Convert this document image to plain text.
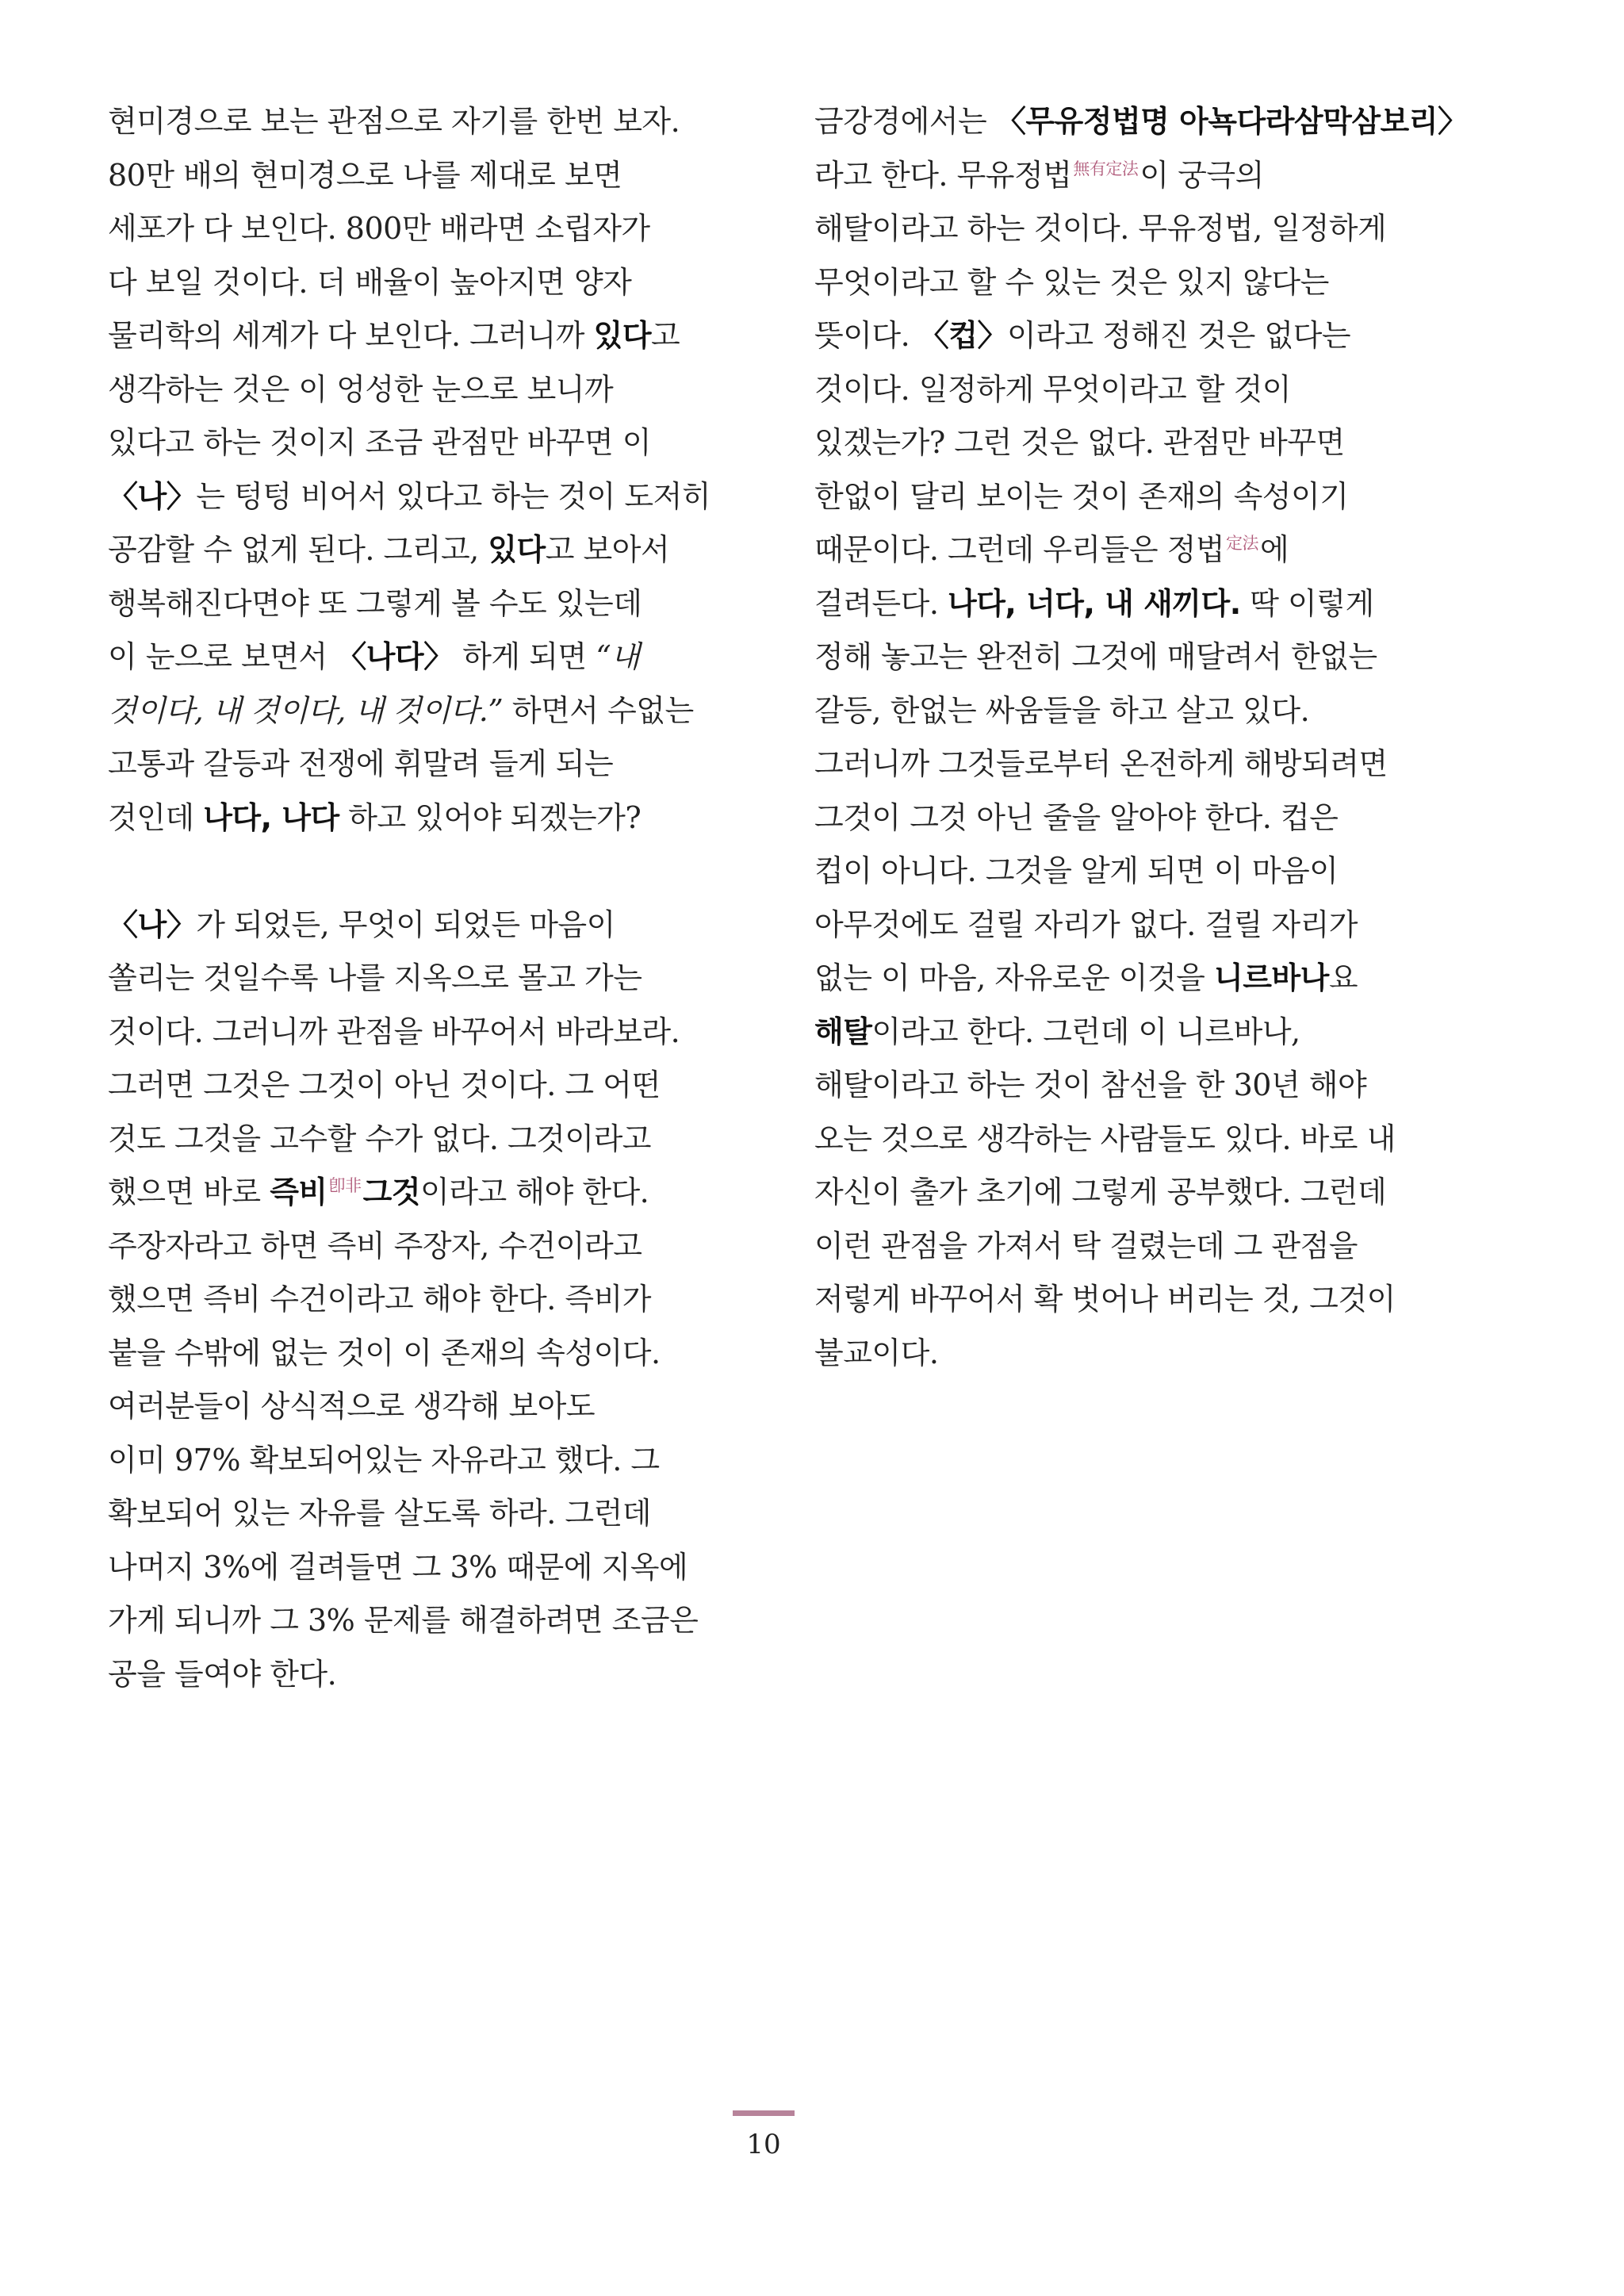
현미경으로 보는 관점으로 자기를 한번 보자.
80만 배의 현미경으로 나를 제대로 보면
세포가 다 보인다. 800만 배라면 소립자가
다 보일 것이다. 더 배율이 높아지면 양자
물리학의 세계가 다 보인다. 그러니까 있다고
생각하는 것은 이 엉성한 눈으로 보니까
있다고 하는 것이지 조금 관점만 바꾸면 이
〈나〉는 텅텅 비어서 있다고 하는 것이 도저히
공감할 수 없게 된다. 그리고, 있다고 보아서
행복해진다면야 또 그렇게 볼 수도 있는데
이 눈으로 보면서 〈나다〉 하게 되면 “내
것이다, 내 것이다, 내 것이다.” 하면서 수없는
고통과 갈등과 전쟁에 휘말려 들게 되는
것인데 나다, 나다 하고 있어야 되겠는가?
〈나〉가 되었든, 무엇이 되었든 마음이
쏠리는 것일수록 나를 지옥으로 몰고 가는
것이다. 그러니까 관점을 바꾸어서 바라보라.
그러면 그것은 그것이 아닌 것이다. 그 어떤
것도 그것을 고수할 수가 없다. 그것이라고
했으면 바로 즉비$^{卽非}$그것이라고 해야 한다.
주장자라고 하면 즉비 주장자, 수건이라고
했으면 즉비 수건이라고 해야 한다. 즉비가
붙을 수밖에 없는 것이 이 존재의 속성이다.
여러분들이 상식적으로 생각해 보아도
이미 97% 확보되어있는 자유라고 했다. 그
확보되어 있는 자유를 살도록 하라. 그런데
나머지 3%에 걸려들면 그 3% 때문에 지옥에
가게 되니까 그 3% 문제를 해결하려면 조금은
공을 들여야 한다.
금강경에서는 〈무유정법명 아뇩다라삼막삼보리〉
라고 한다. 무유정법$^{無有定法}$이 궁극의
해탈이라고 하는 것이다. 무유정법, 일정하게
무엇이라고 할 수 있는 것은 있지 않다는
뜻이다. 〈컵〉이라고 정해진 것은 없다는
것이다. 일정하게 무엇이라고 할 것이
있겠는가? 그런 것은 없다. 관점만 바꾸면
한없이 달리 보이는 것이 존재의 속성이기
때문이다. 그런데 우리들은 정법$^{定法}$에
걸려든다. 나다, 너다, 내 새끼다. 딱 이렇게
정해 놓고는 완전히 그것에 매달려서 한없는
갈등, 한없는 싸움들을 하고 살고 있다.
그러니까 그것들로부터 온전하게 해방되려면
그것이 그것 아닌 줄을 알아야 한다. 컵은
컵이 아니다. 그것을 알게 되면 이 마음이
아무것에도 걸릴 자리가 없다. 걸릴 자리가
없는 이 마음, 자유로운 이것을 니르바나요
해탈이라고 한다. 그런데 이 니르바나,
해탈이라고 하는 것이 참선을 한 30년 해야
오는 것으로 생각하는 사람들도 있다. 바로 내
자신이 출가 초기에 그렇게 공부했다. 그런데
이런 관점을 가져서 탁 걸렸는데 그 관점을
저렇게 바꾸어서 확 벗어나 버리는 것, 그것이
불교이다.
10
